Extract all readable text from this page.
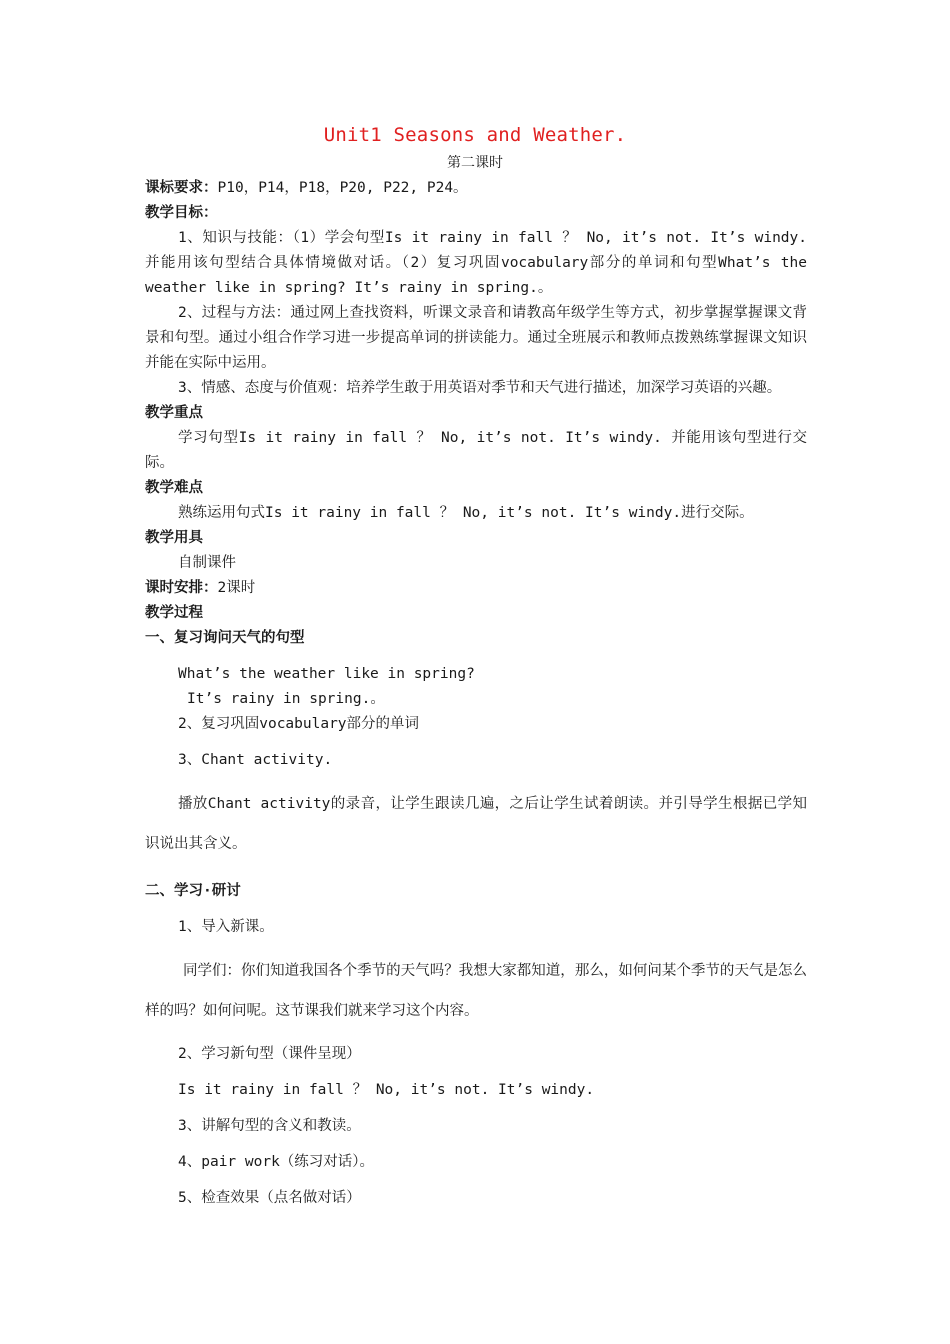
Unit1 Seasons and Weather.
第二课时
课标要求：P10，P14，P18，P20, P22, P24。
教学目标：
1、知识与技能：（1）学会句型Is it rainy in fall ？ No, it’s not. It’s windy.并能用该句型结合具体情境做对话。（2）复习巩固vocabulary部分的单词和句型What’s the weather like in spring? It’s rainy in spring.。
2、过程与方法：通过网上查找资料，听课文录音和请教高年级学生等方式，初步掌握掌握课文背景和句型。通过小组合作学习进一步提高单词的拼读能力。通过全班展示和教师点拨熟练掌握课文知识并能在实际中运用。
3、情感、态度与价值观：培养学生敢于用英语对季节和天气进行描述，加深学习英语的兴趣。
教学重点
学习句型Is it rainy in fall ？ No, it’s not. It’s windy. 并能用该句型进行交际。
教学难点
熟练运用句式Is it rainy in fall ？ No, it’s not. It’s windy.进行交际。
教学用具
自制课件
课时安排：2课时
教学过程
一、复习询问天气的句型
What’s the weather like in spring?
It’s rainy in spring.。
2、复习巩固vocabulary部分的单词
3、Chant activity.
播放Chant activity的录音，让学生跟读几遍，之后让学生试着朗读。并引导学生根据已学知识说出其含义。
二、学习·研讨
1、导入新课。
同学们：你们知道我国各个季节的天气吗？我想大家都知道，那么，如何问某个季节的天气是怎么样的吗？如何问呢。这节课我们就来学习这个内容。
2、学习新句型（课件呈现）
Is it rainy in fall ？ No, it’s not. It’s windy.
3、讲解句型的含义和教读。
4、pair work（练习对话）。
5、检查效果（点名做对话）
